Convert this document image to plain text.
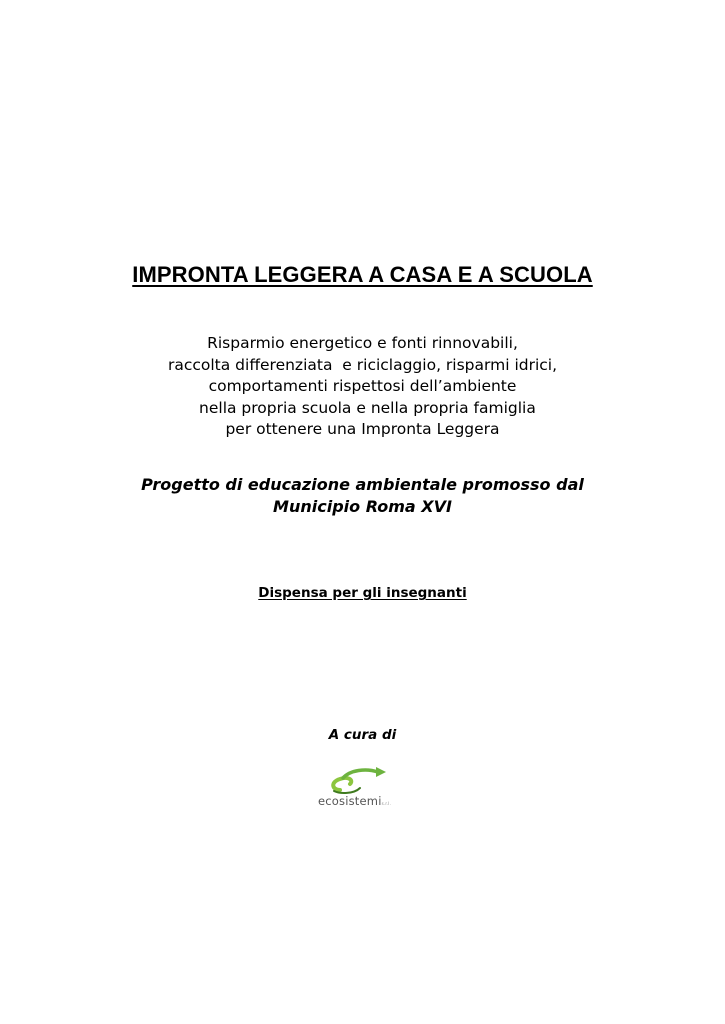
IMPRONTA LEGGERA A CASA E A SCUOLA
Risparmio energetico e fonti rinnovabili,
raccolta differenziata  e riciclaggio, risparmi idrici,
comportamenti rispettosi dell’ambiente
nella propria scuola e nella propria famiglia
per ottenere una Impronta Leggera
Progetto di educazione ambientale promosso dal
Municipio Roma XVI
Dispensa per gli insegnanti
A cura di
ecosistemis.r.l.
